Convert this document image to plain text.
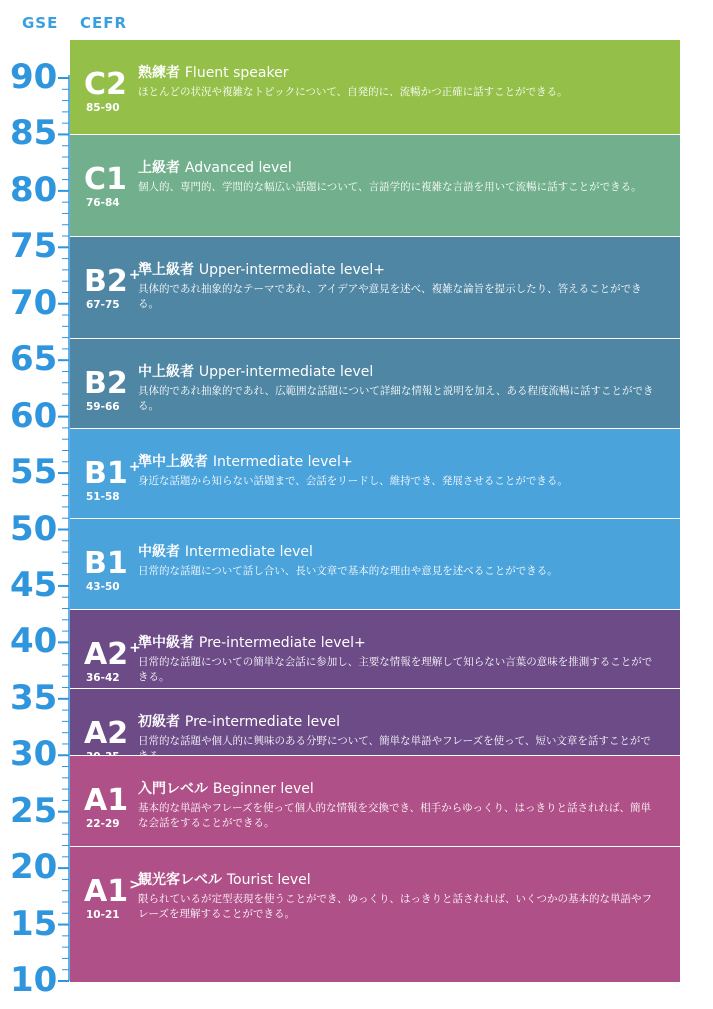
GSE CEFR
90
85
80
75
70
65
60
55
50
45
40
35
30
25
20
15
10
C2
85-90
熟練者 Fluent speaker
ほとんどの状況や複雑なトピックについて、自発的に、流暢かつ正確に話すことができる。
C1
76-84
上級者 Advanced level
個人的、専門的、学問的な幅広い話題について、言語学的に複雑な言語を用いて流暢に話すことができる。
B2+
67-75
準上級者 Upper-intermediate level+
具体的であれ抽象的なテーマであれ、アイデアや意見を述べ、複雑な論旨を提示したり、答えることができる。
B2
59-66
中上級者 Upper-intermediate level
具体的であれ抽象的であれ、広範囲な話題について詳細な情報と説明を加え、ある程度流暢に話すことができる。
B1+
51-58
準中上級者 Intermediate level+
身近な話題から知らない話題まで、会話をリードし、維持でき、発展させることができる。
B1
43-50
中級者 Intermediate level
日常的な話題について話し合い、長い文章で基本的な理由や意見を述べることができる。
A2+
36-42
準中級者 Pre-intermediate level+
日常的な話題についての簡単な会話に参加し、主要な情報を理解して知らない言葉の意味を推測することができる。
A2 初級者 Pre-intermediate level
日常的な話題や個人的に興味のある分野について、簡単な単語やフレーズを使って、短い文章を話すことがで
A1
22-29
入門レベル Beginner level
基本的な単語やフレーズを使って個人的な情報を交換でき、相手からゆっくり、はっきりと話されれば、簡単な会話をすることができる。
A1>
10-21
観光客レベル Tourist level
限られているが定型表現を使うことができ、ゆっくり、はっきりと話されれば、いくつかの基本的な単語やフレーズを理解することができる。
